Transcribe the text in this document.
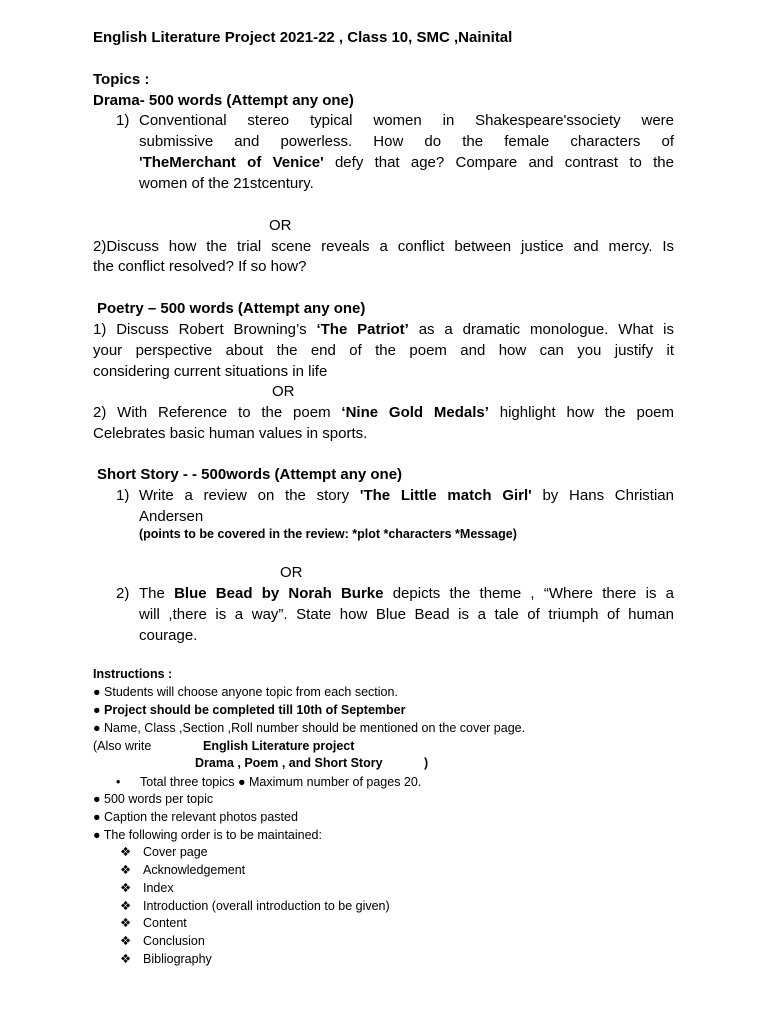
English Literature Project 2021-22 , Class 10, SMC ,Nainital
Topics :
Drama- 500 words (Attempt any one)
1) Conventional stereo typical women in Shakespeare'ssociety were
submissive and powerless. How do the female characters of
'TheMerchant of Venice' defy that age? Compare and contrast to the
women of the 21stcentury.
OR
2)Discuss how the trial scene reveals a conflict between justice and mercy. Is
the conflict resolved? If so how?
Poetry – 500 words (Attempt any one)
1) Discuss Robert Browning’s ‘The Patriot’ as a dramatic monologue. What is
your perspective about the end of the poem and how can you justify it
considering current situations in life
OR
2) With Reference to the poem ‘Nine Gold Medals’ highlight how the poem
Celebrates basic human values in sports.
Short Story - - 500words (Attempt any one)
1) Write a review on the story 'The Little match Girl' by Hans Christian
Andersen
(points to be covered in the review: *plot *characters *Message)
OR
2) The Blue Bead by Norah Burke depicts the theme , “Where there is a
will ,there is a way”. State how Blue Bead is a tale of triumph of human
courage.
Instructions :
● Students will choose anyone topic from each section.
● Project should be completed till 10th of September
● Name, Class ,Section ,Roll number should be mentioned on the cover page.
(Also write	English Literature project
Drama , Poem , and Short Story	)
• Total three topics ● Maximum number of pages 20.
● 500 words per topic
● Caption the relevant photos pasted
● The following order is to be maintained:
❖ Cover page
❖ Acknowledgement
❖ Index
❖ Introduction (overall introduction to be given)
❖ Content
❖ Conclusion
❖ Bibliography
